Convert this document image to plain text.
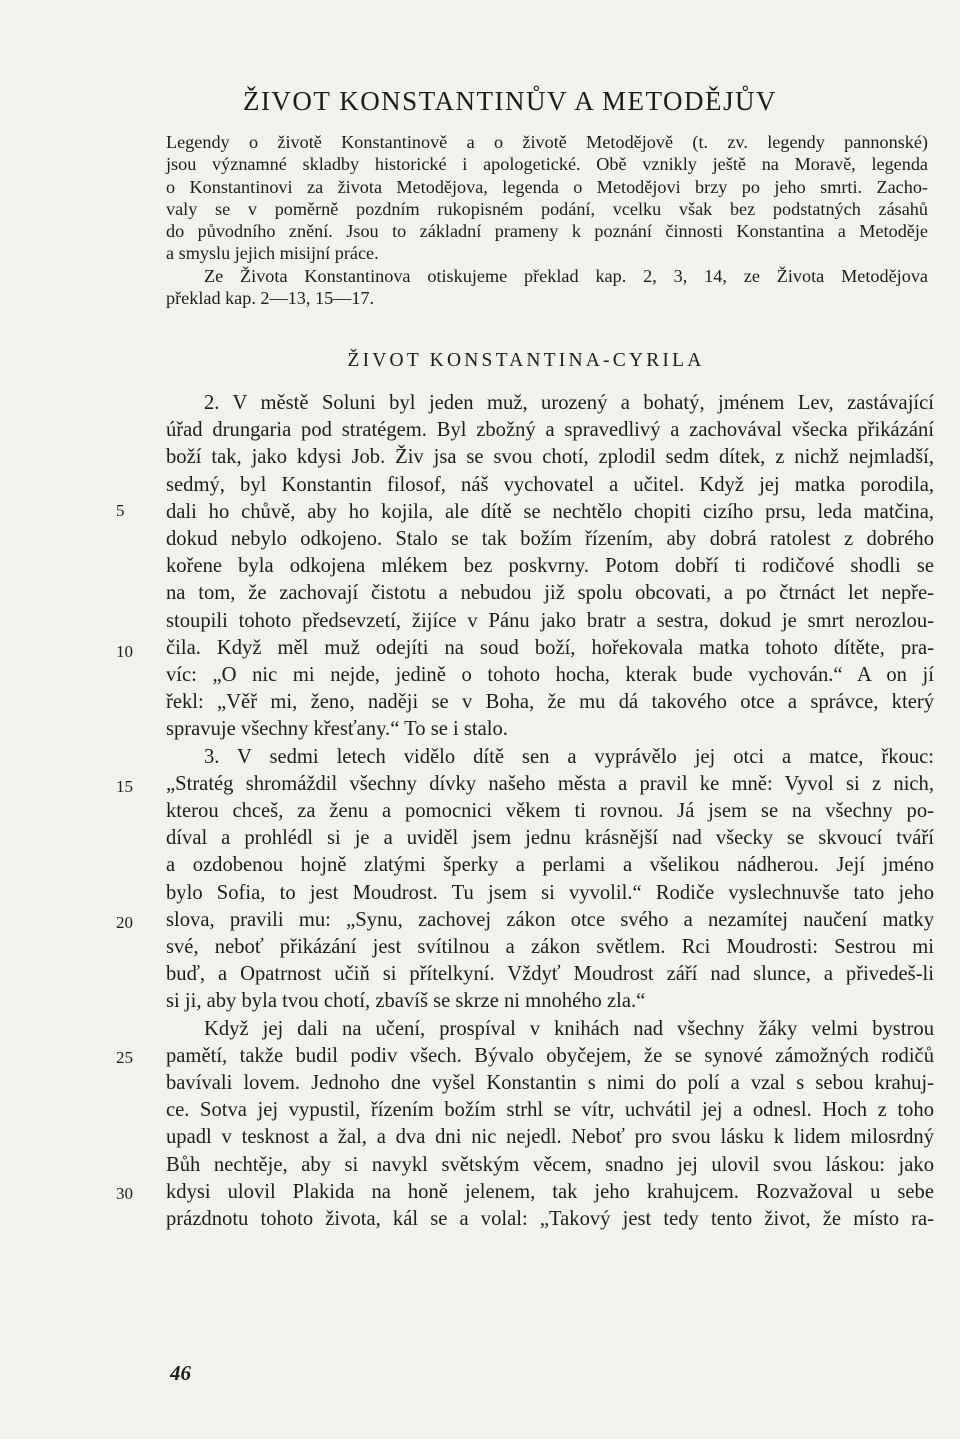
ŽIVOT KONSTANTINŮV A METODĚJŮV
Legendy o životě Konstantinově a o životě Metodějově (t. zv. legendy pannonské)
jsou významné skladby historické i apologetické. Obě vznikly ještě na Moravě, legenda
o Konstantinovi za života Metodějova, legenda o Metodějovi brzy po jeho smrti. Zacho-
valy se v poměrně pozdním rukopisném podání, vcelku však bez podstatných zásahů
do původního znění. Jsou to základní prameny k poznání činnosti Konstantina a Metoděje
a smyslu jejich misijní práce.
Ze Života Konstantinova otiskujeme překlad kap. 2, 3, 14, ze Života Metodějova
překlad kap. 2—13, 15—17.
ŽIVOT KONSTANTINA-CYRILA
2. V městě Soluni byl jeden muž, urozený a bohatý, jménem Lev, zastávající
úřad drungaria pod stratégem. Byl zbožný a spravedlivý a zachovával všecka přikázání
boží tak, jako kdysi Job. Živ jsa se svou chotí, zplodil sedm dítek, z nichž nejmladší,
sedmý, byl Konstantin filosof, náš vychovatel a učitel. Když jej matka porodila,
dali ho chůvě, aby ho kojila, ale dítě se nechtělo chopiti cizího prsu, leda matčina,
dokud nebylo odkojeno. Stalo se tak božím řízením, aby dobrá ratolest z dobrého
kořene byla odkojena mlékem bez poskvrny. Potom dobří ti rodičové shodli se
na tom, že zachovají čistotu a nebudou již spolu obcovati, a po čtrnáct let nepře-
stoupili tohoto předsevzetí, žijíce v Pánu jako bratr a sestra, dokud je smrt nerozlou-
čila. Když měl muž odejíti na soud boží, hořekovala matka tohoto dítěte, pra-
víc: „O nic mi nejde, jedině o tohoto hocha, kterak bude vychován.“ A on jí
řekl: „Věř mi, ženo, naději se v Boha, že mu dá takového otce a správce, který
spravuje všechny křesťany.“ To se i stalo.
3. V sedmi letech vidělo dítě sen a vyprávělo jej otci a matce, řkouc:
„Stratég shromáždil všechny dívky našeho města a pravil ke mně: Vyvol si z nich,
kterou chceš, za ženu a pomocnici věkem ti rovnou. Já jsem se na všechny po-
díval a prohlédl si je a uviděl jsem jednu krásnější nad všecky se skvoucí tváří
a ozdobenou hojně zlatými šperky a perlami a všelikou nádherou. Její jméno
bylo Sofia, to jest Moudrost. Tu jsem si vyvolil.“ Rodiče vyslechnuvše tato jeho
slova, pravili mu: „Synu, zachovej zákon otce svého a nezamítej naučení matky
své, neboť přikázání jest svítilnou a zákon světlem. Rci Moudrosti: Sestrou mi
buď, a Opatrnost učiň si přítelkyní. Vždyť Moudrost září nad slunce, a přivedeš-li
si ji, aby byla tvou chotí, zbavíš se skrze ni mnohého zla.“
Když jej dali na učení, prospíval v knihách nad všechny žáky velmi bystrou
pamětí, takže budil podiv všech. Bývalo obyčejem, že se synové zámožných rodičů
bavívali lovem. Jednoho dne vyšel Konstantin s nimi do polí a vzal s sebou krahuj-
ce. Sotva jej vypustil, řízením božím strhl se vítr, uchvátil jej a odnesl. Hoch z toho
upadl v tesknost a žal, a dva dni nic nejedl. Neboť pro svou lásku k lidem milosrdný
Bůh nechtěje, aby si navykl světským věcem, snadno jej ulovil svou láskou: jako
kdysi ulovil Plakida na honě jelenem, tak jeho krahujcem. Rozvažoval u sebe
prázdnotu tohoto života, kál se a volal: „Takový jest tedy tento život, že místo ra-
5
10
15
20
25
30
46
